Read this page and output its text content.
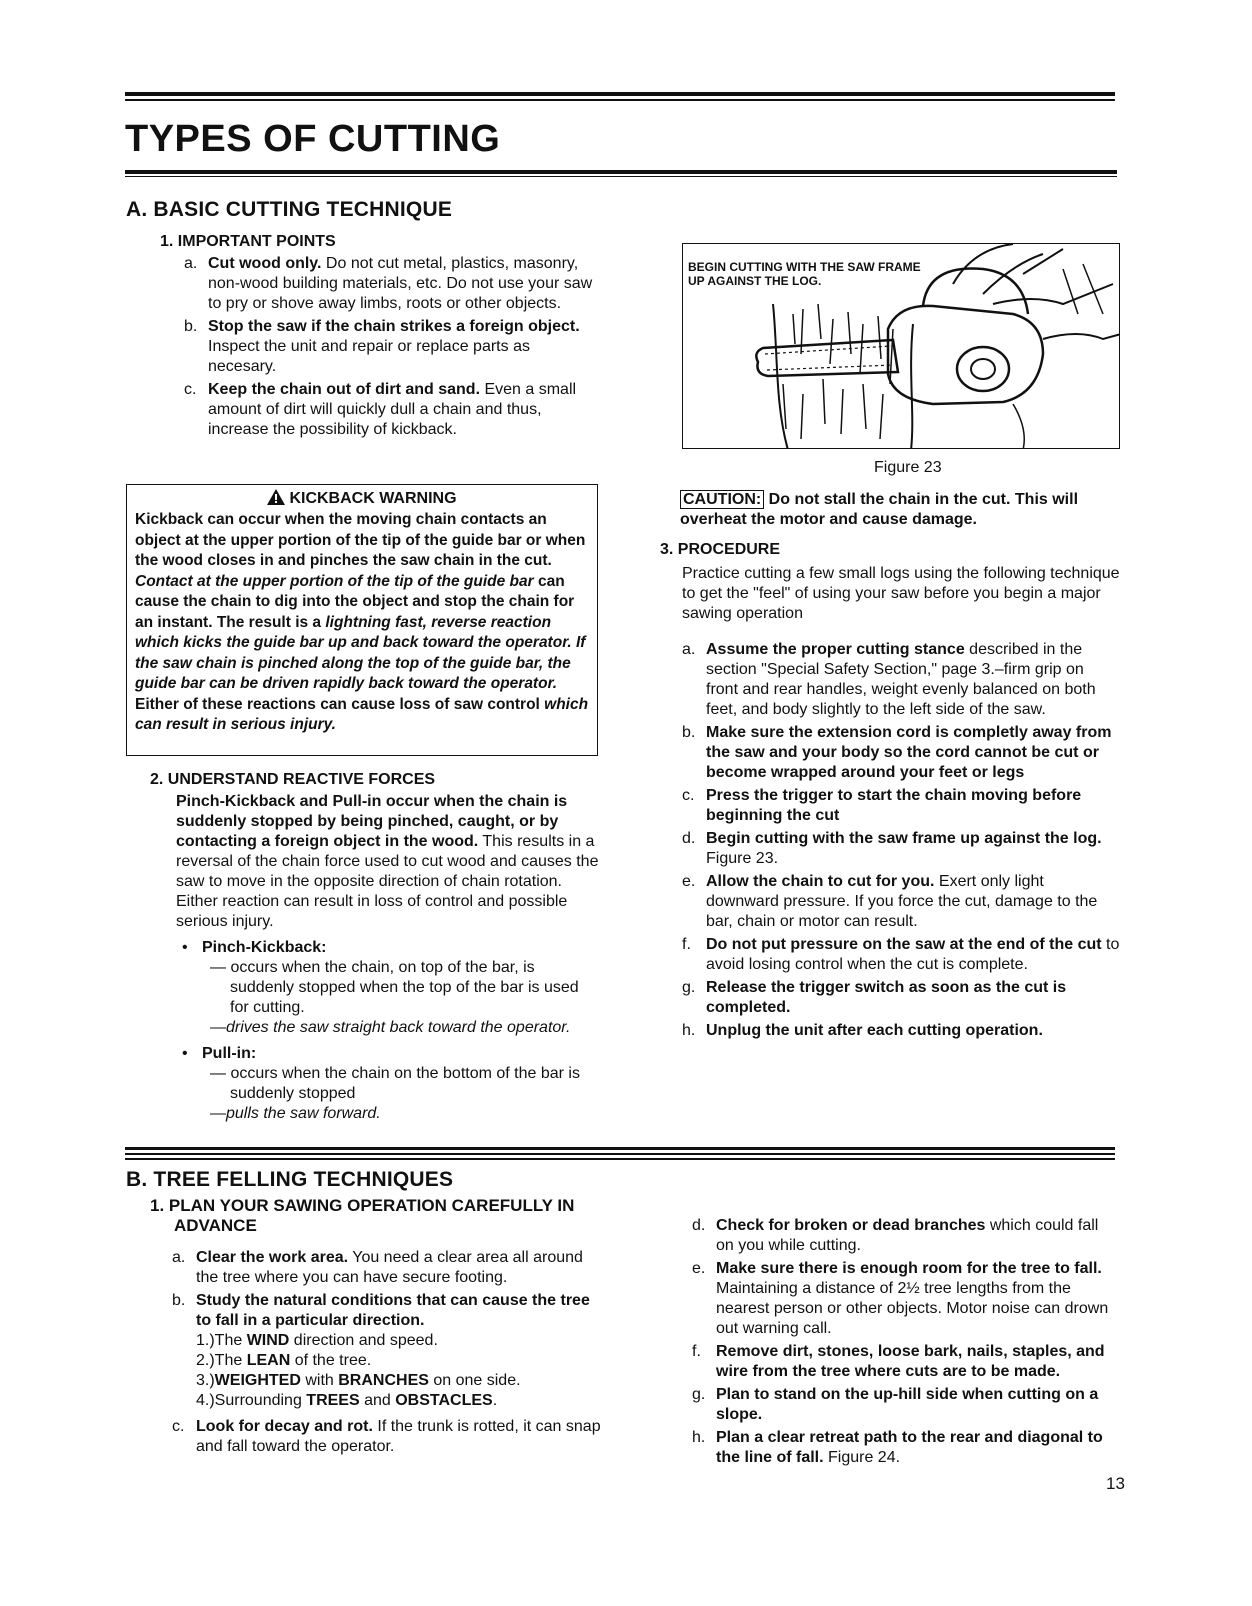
TYPES OF CUTTING
A. BASIC CUTTING TECHNIQUE
1. IMPORTANT POINTS

a. Cut wood only. Do not cut metal, plastics, masonry, non-wood building materials, etc. Do not use your saw to pry or shove away limbs, roots or other objects.

b. Stop the saw if the chain strikes a foreign object. Inspect the unit and repair or replace parts as necesary.

c. Keep the chain out of dirt and sand. Even a small amount of dirt will quickly dull a chain and thus, increase the possibility of kickback.

KICKBACK WARNING

Kickback can occur when the moving chain contacts an object at the upper portion of the tip of the guide bar or when the wood closes in and pinches the saw chain in the cut. Contact at the upper portion of the tip of the guide bar can cause the chain to dig into the object and stop the chain for an instant. The result is a lightning fast, reverse reaction which kicks the guide bar up and back toward the operator. If the saw chain is pinched along the top of the guide bar, the guide bar can be driven rapidly back toward the operator. Either of these reactions can cause loss of saw control which can result in serious injury.

2. UNDERSTAND REACTIVE FORCES

Pinch-Kickback and Pull-in occur when the chain is suddenly stopped by being pinched, caught, or by contacting a foreign object in the wood. This results in a reversal of the chain force used to cut wood and causes the saw to move in the opposite direction of chain rotation. Either reaction can result in loss of control and possible serious injury.

• Pinch-Kickback:

— occurs when the chain, on top of the bar, is suddenly stopped when the top of the bar is used for cutting.

—drives the saw straight back toward the operator.

• Pull-in:

— occurs when the chain on the bottom of the bar is suddenly stopped

—pulls the saw forward.

BEGIN CUTTING WITH THE SAW FRAME UP AGAINST THE LOG.
Figure 23
CAUTION: Do not stall the chain in the cut. This will overheat the motor and cause damage.
3. PROCEDURE

Practice cutting a few small logs using the following technique to get the "feel" of using your saw before you begin a major sawing operation

a. Assume the proper cutting stance described in the section "Special Safety Section," page 3.–firm grip on front and rear handles, weight evenly balanced on both feet, and body slightly to the left side of the saw.

b. Make sure the extension cord is completly away from the saw and your body so the cord cannot be cut or become wrapped around your feet or legs

c. Press the trigger to start the chain moving before beginning the cut

d. Begin cutting with the saw frame up against the log. Figure 23.

e. Allow the chain to cut for you. Exert only light downward pressure. If you force the cut, damage to the bar, chain or motor can result.

f. Do not put pressure on the saw at the end of the cut to avoid losing control when the cut is complete.

g. Release the trigger switch as soon as the cut is completed.

h. Unplug the unit after each cutting operation.

B. TREE FELLING TECHNIQUES
1. PLAN YOUR SAWING OPERATION CAREFULLY IN ADVANCE

a. Clear the work area. You need a clear area all around the tree where you can have secure footing.

b. Study the natural conditions that can cause the tree to fall in a particular direction.

1.)The WIND direction and speed.

2.)The LEAN of the tree.

3.)WEIGHTED with BRANCHES on one side.

4.)Surrounding TREES and OBSTACLES.

c. Look for decay and rot. If the trunk is rotted, it can snap and fall toward the operator.

d. Check for broken or dead branches which could fall on you while cutting.

e. Make sure there is enough room for the tree to fall. Maintaining a distance of 2½ tree lengths from the nearest person or other objects. Motor noise can drown out warning call.

f. Remove dirt, stones, loose bark, nails, staples, and wire from the tree where cuts are to be made.

g. Plan to stand on the up-hill side when cutting on a slope.

h. Plan a clear retreat path to the rear and diagonal to the line of fall. Figure 24.

13
